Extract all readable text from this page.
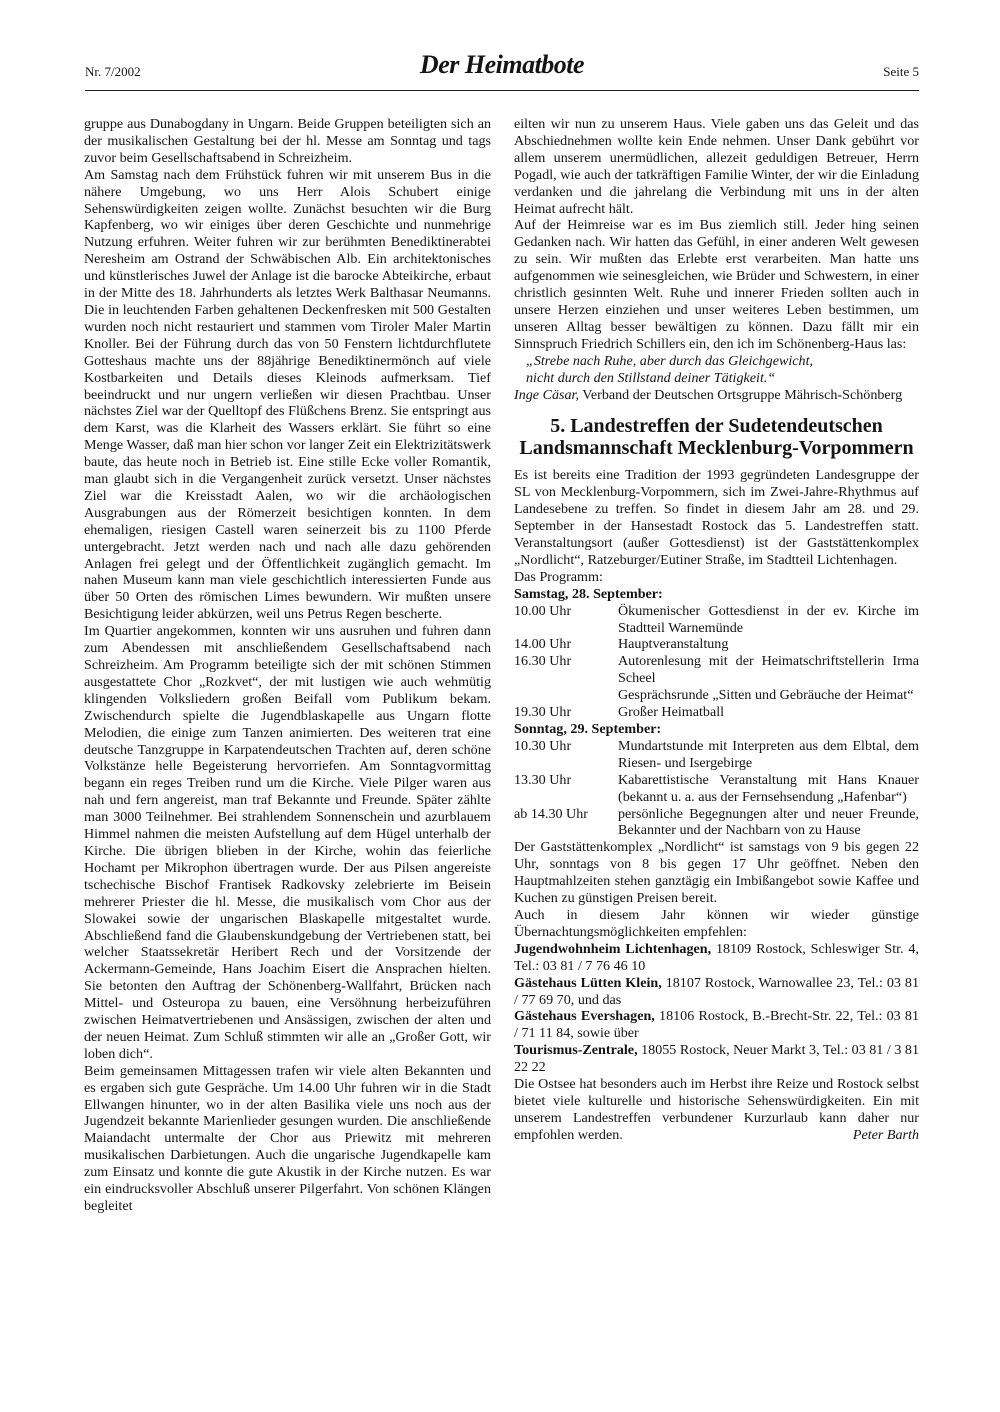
Nr. 7/2002	Der Heimatbote	Seite 5

gruppe aus Dunabogdany in Ungarn. Beide Gruppen beteiligten sich an der musikalischen Gestaltung bei der hl. Messe am Sonntag und tags zuvor beim Gesellschaftsabend in Schreizheim.

Am Samstag nach dem Frühstück fuhren wir mit unserem Bus in die nähere Umgebung, wo uns Herr Alois Schubert einige Sehenswürdigkeiten zeigen wollte. Zunächst besuchten wir die Burg Kapfenberg, wo wir einiges über deren Geschichte und nunmehrige Nutzung erfuhren. Weiter fuhren wir zur berühmten Benediktinerabtei Neresheim am Ostrand der Schwäbischen Alb. Ein architektonisches und künstlerisches Juwel der Anlage ist die barocke Abteikirche, erbaut in der Mitte des 18. Jahrhunderts als letztes Werk Balthasar Neumanns. Die in leuchtenden Farben gehaltenen Deckenfresken mit 500 Gestalten wurden noch nicht restauriert und stammen vom Tiroler Maler Martin Knoller. Bei der Führung durch das von 50 Fenstern lichtdurchflutete Gotteshaus machte uns der 88jährige Benediktinermönch auf viele Kostbarkeiten und Details dieses Kleinods aufmerksam. Tief beeindruckt und nur ungern verließen wir diesen Prachtbau. Unser nächstes Ziel war der Quelltopf des Flüßchens Brenz. Sie entspringt aus dem Karst, was die Klarheit des Wassers erklärt. Sie führt so eine Menge Wasser, daß man hier schon vor langer Zeit ein Elektrizitätswerk baute, das heute noch in Betrieb ist. Eine stille Ecke voller Romantik, man glaubt sich in die Vergangenheit zurück versetzt. Unser nächstes Ziel war die Kreisstadt Aalen, wo wir die archäologischen Ausgrabungen aus der Römerzeit besichtigen konnten. In dem ehemaligen, riesigen Castell waren seinerzeit bis zu 1100 Pferde untergebracht. Jetzt werden nach und nach alle dazu gehörenden Anlagen frei gelegt und der Öffentlichkeit zugänglich gemacht. Im nahen Museum kann man viele geschichtlich interessierten Funde aus über 50 Orten des römischen Limes bewundern. Wir mußten unsere Besichtigung leider abkürzen, weil uns Petrus Regen bescherte.

Im Quartier angekommen, konnten wir uns ausruhen und fuhren dann zum Abendessen mit anschließendem Gesellschaftsabend nach Schreizheim. Am Programm beteiligte sich der mit schönen Stimmen ausgestattete Chor „Rozkvet“, der mit lustigen wie auch wehmütig klingenden Volksliedern großen Beifall vom Publikum bekam. Zwischendurch spielte die Jugendblaskapelle aus Ungarn flotte Melodien, die einige zum Tanzen animierten. Des weiteren trat eine deutsche Tanzgruppe in Karpatendeutschen Trachten auf, deren schöne Volkstänze helle Begeisterung hervorriefen. Am Sonntagvormittag begann ein reges Treiben rund um die Kirche. Viele Pilger waren aus nah und fern angereist, man traf Bekannte und Freunde. Später zählte man 3000 Teilnehmer. Bei strahlendem Sonnenschein und azurblauem Himmel nahmen die meisten Aufstellung auf dem Hügel unterhalb der Kirche. Die übrigen blieben in der Kirche, wohin das feierliche Hochamt per Mikrophon übertragen wurde. Der aus Pilsen angereiste tschechische Bischof Frantisek Radkovsky zelebrierte im Beisein mehrerer Priester die hl. Messe, die musikalisch vom Chor aus der Slowakei sowie der ungarischen Blaskapelle mitgestaltet wurde. Abschließend fand die Glaubenskundgebung der Vertriebenen statt, bei welcher Staatssekretär Heribert Rech und der Vorsitzende der Ackermann-Gemeinde, Hans Joachim Eisert die Ansprachen hielten. Sie betonten den Auftrag der Schönenberg-Wallfahrt, Brücken nach Mittel- und Osteuropa zu bauen, eine Versöhnung herbeizuführen zwischen Heimatvertriebenen und Ansässigen, zwischen der alten und der neuen Heimat. Zum Schluß stimmten wir alle an „Großer Gott, wir loben dich“.

Beim gemeinsamen Mittagessen trafen wir viele alten Bekannten und es ergaben sich gute Gespräche. Um 14.00 Uhr fuhren wir in die Stadt Ellwangen hinunter, wo in der alten Basilika viele uns noch aus der Jugendzeit bekannte Marienlieder gesungen wurden. Die anschließende Maiandacht untermalte der Chor aus Priewitz mit mehreren musikalischen Darbietungen. Auch die ungarische Jugendkapelle kam zum Einsatz und konnte die gute Akustik in der Kirche nutzen. Es war ein eindrucksvoller Abschluß unserer Pilgerfahrt. Von schönen Klängen begleitet

eilten wir nun zu unserem Haus. Viele gaben uns das Geleit und das Abschiednehmen wollte kein Ende nehmen. Unser Dank gebührt vor allem unserem unermüdlichen, allezeit geduldigen Betreuer, Herrn Pogadl, wie auch der tatkräftigen Familie Winter, der wir die Einladung verdanken und die jahrelang die Verbindung mit uns in der alten Heimat aufrecht hält.

Auf der Heimreise war es im Bus ziemlich still. Jeder hing seinen Gedanken nach. Wir hatten das Gefühl, in einer anderen Welt gewesen zu sein. Wir mußten das Erlebte erst verarbeiten. Man hatte uns aufgenommen wie seinesgleichen, wie Brüder und Schwestern, in einer christlich gesinnten Welt. Ruhe und innerer Frieden sollten auch in unsere Herzen einziehen und unser weiteres Leben bestimmen, um unseren Alltag besser bewältigen zu können. Dazu fällt mir ein Sinnspruch Friedrich Schillers ein, den ich im Schönenberg-Haus las:

„Strebe nach Ruhe, aber durch das Gleichgewicht,

nicht durch den Stillstand deiner Tätigkeit.“

Inge Cäsar, Verband der Deutschen Ortsgruppe Mährisch-Schönberg

5. Landestreffen der Sudetendeutschen
Landsmannschaft Mecklenburg-Vorpommern

Es ist bereits eine Tradition der 1993 gegründeten Landesgruppe der SL von Mecklenburg-Vorpommern, sich im Zwei-Jahre-Rhythmus auf Landesebene zu treffen. So findet in diesem Jahr am 28. und 29. September in der Hansestadt Rostock das 5. Landestreffen statt. Veranstaltungsort (außer Gottesdienst) ist der Gaststättenkomplex „Nordlicht“, Ratzeburger/Eutiner Straße, im Stadtteil Lichtenhagen.

Das Programm:

Samstag, 28. September:

10.00 Uhr	Ökumenischer Gottesdienst in der ev. Kirche im Stadtteil Warnemünde
14.00 Uhr	Hauptveranstaltung
16.30 Uhr	Autorenlesung mit der Heimatschriftstellerin Irma Scheel
	Gesprächsrunde „Sitten und Gebräuche der Heimat“
19.30 Uhr	Großer Heimatball

Sonntag, 29. September:

10.30 Uhr	Mundartstunde mit Interpreten aus dem Elbtal, dem Riesen- und Isergebirge
13.30 Uhr	Kabarettistische Veranstaltung mit Hans Knauer (bekannt u. a. aus der Fernsehsendung „Hafenbar“)
ab 14.30 Uhr	persönliche Begegnungen alter und neuer Freunde, Bekannter und der Nachbarn von zu Hause

Der Gaststättenkomplex „Nordlicht“ ist samstags von 9 bis gegen 22 Uhr, sonntags von 8 bis gegen 17 Uhr geöffnet. Neben den Hauptmahlzeiten stehen ganztägig ein Imbißangebot sowie Kaffee und Kuchen zu günstigen Preisen bereit.

Auch in diesem Jahr können wir wieder günstige Übernachtungsmöglichkeiten empfehlen:

Jugendwohnheim Lichtenhagen, 18109 Rostock, Schleswiger Str. 4, Tel.: 03 81 / 7 76 46 10

Gästehaus Lütten Klein, 18107 Rostock, Warnowallee 23, Tel.: 03 81 / 77 69 70, und das

Gästehaus Evershagen, 18106 Rostock, B.-Brecht-Str. 22, Tel.: 03 81 / 71 11 84, sowie über

Tourismus-Zentrale, 18055 Rostock, Neuer Markt 3, Tel.: 03 81 / 3 81 22 22

Die Ostsee hat besonders auch im Herbst ihre Reize und Rostock selbst bietet viele kulturelle und historische Sehenswürdigkeiten. Ein mit unserem Landestreffen verbundener Kurzurlaub kann daher nur empfohlen werden.	Peter Barth
